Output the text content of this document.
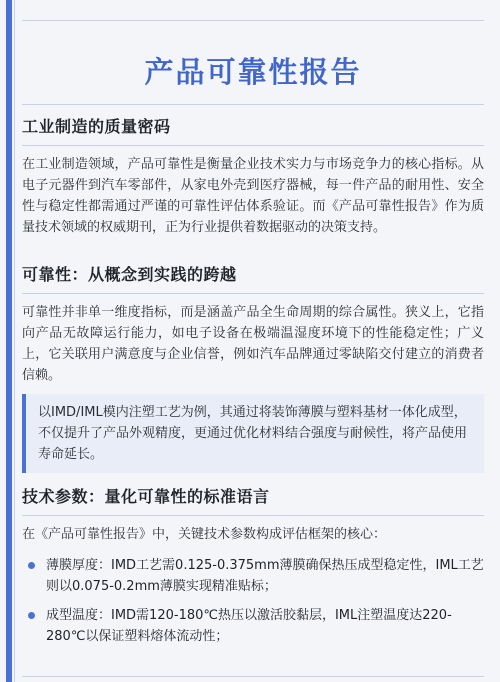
产品可靠性报告
工业制造的质量密码
在工业制造领域，产品可靠性是衡量企业技术实力与市场竞争力的核心指标。从电子元器件到汽车零部件，从家电外壳到医疗器械，每一件产品的耐用性、安全性与稳定性都需通过严谨的可靠性评估体系验证。而《产品可靠性报告》作为质量技术领域的权威期刊，正为行业提供着数据驱动的决策支持。
可靠性：从概念到实践的跨越
可靠性并非单一维度指标，而是涵盖产品全生命周期的综合属性。狭义上，它指向产品无故障运行能力，如电子设备在极端温湿度环境下的性能稳定性；广义上，它关联用户满意度与企业信誉，例如汽车品牌通过零缺陷交付建立的消费者信赖。
以IMD/IML模内注塑工艺为例，其通过将装饰薄膜与塑料基材一体化成型，不仅提升了产品外观精度，更通过优化材料结合强度与耐候性，将产品使用寿命延长。
技术参数：量化可靠性的标准语言
在《产品可靠性报告》中，关键技术参数构成评估框架的核心：
薄膜厚度：IMD工艺需0.125-0.375mm薄膜确保热压成型稳定性，IML工艺则以0.075-0.2mm薄膜实现精准贴标；
成型温度：IMD需120-180℃热压以激活胶黏层，IML注塑温度达220-280℃以保证塑料熔体流动性；
